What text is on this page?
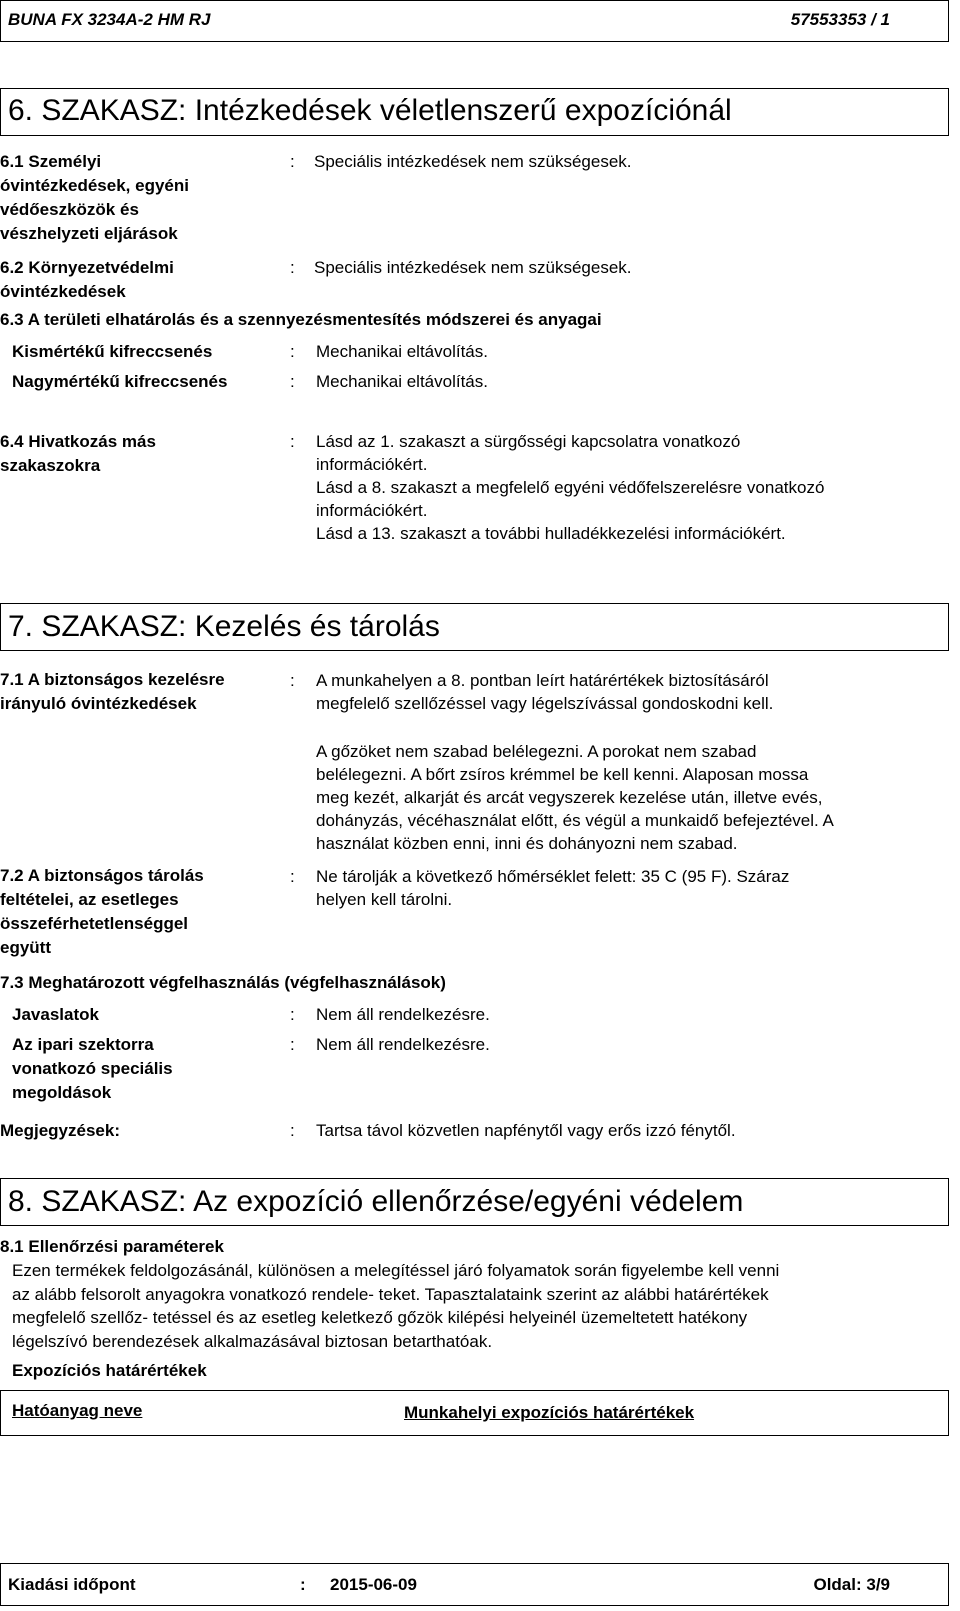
BUNA FX 3234A-2 HM RJ	57553353 / 1
6. SZAKASZ: Intézkedések véletlenszerű expozíciónál
6.1 Személyi
óvintézkedések, egyéni
védőeszközök és
vészhelyzeti eljárások
: Speciális intézkedések nem szükségesek.
6.2 Környezetvédelmi
óvintézkedések
: Speciális intézkedések nem szükségesek.
6.3 A területi elhatárolás és a szennyezésmentesítés módszerei és anyagai
Kismértékű kifreccsenés	: Mechanikai eltávolítás.
Nagymértékű kifreccsenés	: Mechanikai eltávolítás.
6.4 Hivatkozás más
szakaszokra
: Lásd az 1. szakaszt a sürgősségi kapcsolatra vonatkozó
információkért.
Lásd a 8. szakaszt a megfelelő egyéni védőfelszerelésre vonatkozó
információkért.
Lásd a 13. szakaszt a további hulladékkezelési információkért.
7. SZAKASZ: Kezelés és tárolás
7.1 A biztonságos kezelésre
irányuló óvintézkedések
: A munkahelyen a 8. pontban leírt határértékek biztosításáról
megfelelő szellőzéssel vagy légelszívással gondoskodni kell.
A gőzöket nem szabad belélegezni. A porokat nem szabad
belélegezni. A bőrt zsíros krémmel be kell kenni. Alaposan mossa
meg kezét, alkarját és arcát vegyszerek kezelése után, illetve evés,
dohányzás, vécéhasználat előtt, és végül a munkaidő befejeztével. A
használat közben enni, inni és dohányozni nem szabad.
7.2 A biztonságos tárolás
feltételei, az esetleges
összeférhetetlenséggel
együtt
: Ne tárolják a következő hőmérséklet felett: 35 C (95 F). Száraz
helyen kell tárolni.
7.3 Meghatározott végfelhasználás (végfelhasználások)
Javaslatok	: Nem áll rendelkezésre.
Az ipari szektorra
vonatkozó speciális
megoldások
: Nem áll rendelkezésre.
Megjegyzések:	: Tartsa távol közvetlen napfénytől vagy erős izzó fénytől.
8. SZAKASZ: Az expozíció ellenőrzése/egyéni védelem
8.1 Ellenőrzési paraméterek
Ezen termékek feldolgozásánál, különösen a melegítéssel járó folyamatok során figyelembe kell venni
az alább felsorolt anyagokra vonatkozó rendele- teket. Tapasztalataink szerint az alábbi határértékek
megfelelő szellőz- tetéssel és az esetleg keletkező gőzök kilépési helyeinél üzemeltetett hatékony
légelszívó berendezések alkalmazásával biztosan betarthatóak.
Expozíciós határértékek
Hatóanyag neve	Munkahelyi expozíciós határértékek
Kiadási időpont	: 2015-06-09	Oldal: 3/9
